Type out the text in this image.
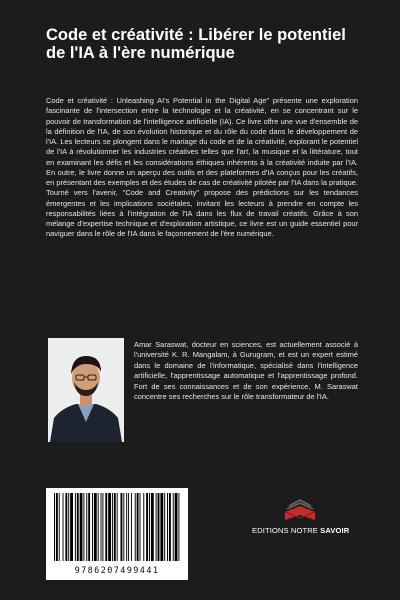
Code et créativité : Libérer le potentiel de l'IA à l'ère numérique

Code et créativité : Unleashing AI's Potential in the Digital Age" présente une exploration fascinante de l'intersection entre la technologie et la créativité, en se concentrant sur le pouvoir de transformation de l'intelligence artificielle (IA). Ce livre offre une vue d'ensemble de la définition de l'IA, de son évolution historique et du rôle du code dans le développement de l'IA. Les lecteurs se plongent dans le mariage du code et de la créativité, explorant le potentiel de l'IA à révolutionner les industries créatives telles que l'art, la musique et la littérature, tout en examinant les défis et les considérations éthiques inhérents à la créativité induite par l'IA. En outre, le livre donne un aperçu des outils et des plateformes d'IA conçus pour les créatifs, en présentant des exemples et des études de cas de créativité pilotée par l'IA dans la pratique. Tourné vers l'avenir, "Code and Creativity" propose des prédictions sur les tendances émergentes et les implications sociétales, invitant les lecteurs à prendre en compte les responsabilités liées à l'intégration de l'IA dans les flux de travail créatifs. Grâce à son mélange d'expertise technique et d'exploration artistique, ce livre est un guide essentiel pour naviguer dans le rôle de l'IA dans le façonnement de l'ère numérique.

Amar Saraswat, docteur en sciences, est actuellement associé à l'université K. R. Mangalam, à Gurugram, et est un expert estimé dans le domaine de l'informatique, spécialisé dans l'intelligence artificielle, l'apprentissage automatique et l'apprentissage profond. Fort de ses connaissances et de son expérience, M. Saraswat concentre ses recherches sur le rôle transformateur de l'IA.

9786207499441
EDITIONS NOTRE SAVOIR
